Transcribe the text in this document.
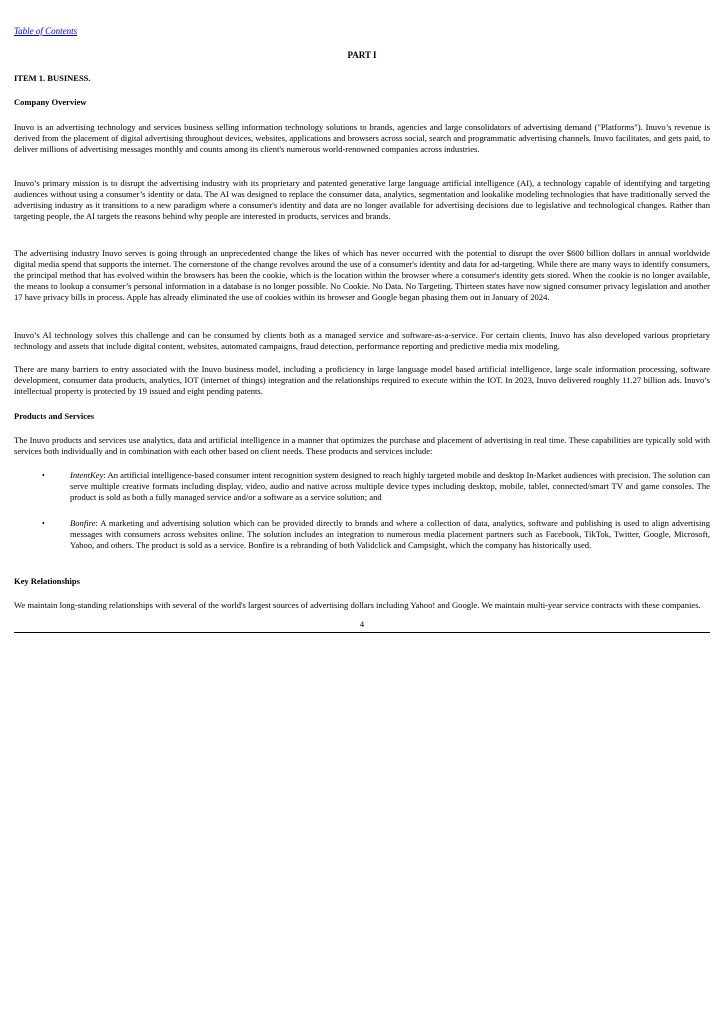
Table of Contents
PART I
ITEM 1. BUSINESS.
Company Overview

Inuvo is an advertising technology and services business selling information technology solutions to brands, agencies and large consolidators of advertising demand ("Platforms"). Inuvo’s revenue is derived from the placement of digital advertising throughout devices, websites, applications and browsers across social, search and programmatic advertising channels. Inuvo facilitates, and gets paid, to deliver millions of advertising messages monthly and counts among its client's numerous world-renowned companies across industries.

Inuvo’s primary mission is to disrupt the advertising industry with its proprietary and patented generative large language artificial intelligence (AI), a technology capable of identifying and targeting audiences without using a consumer’s identity or data. The AI was designed to replace the consumer data, analytics, segmentation and lookalike modeling technologies that have traditionally served the advertising industry as it transitions to a new paradigm where a consumer's identity and data are no longer available for advertising decisions due to legislative and technological changes. Rather than targeting people, the AI targets the reasons behind why people are interested in products, services and brands.

The advertising industry Inuvo serves is going through an unprecedented change the likes of which has never occurred with the potential to disrupt the over $600 billion dollars in annual worldwide digital media spend that supports the internet. The cornerstone of the change revolves around the use of a consumer's identity and data for ad-targeting. While there are many ways to identify consumers, the principal method that has evolved within the browsers has been the cookie, which is the location within the browser where a consumer's identity gets stored. When the cookie is no longer available, the means to lookup a consumer’s personal information in a database is no longer possible. No Cookie. No Data. No Targeting. Thirteen states have now signed consumer privacy legislation and another 17 have privacy bills in process. Apple has already eliminated the use of cookies within its browser and Google began phasing them out in January of 2024.

Inuvo’s AI technology solves this challenge and can be consumed by clients both as a managed service and software-as-a-service. For certain clients, Inuvo has also developed various proprietary technology and assets that include digital content, websites, automated campaigns, fraud detection, performance reporting and predictive media mix modeling.

There are many barriers to entry associated with the Inuvo business model, including a proficiency in large language model based artificial intelligence, large scale information processing, software development, consumer data products, analytics, IOT (internet of things) integration and the relationships required to execute within the IOT. In 2023, Inuvo delivered roughly 11.27 billion ads. Inuvo’s intellectual property is protected by 19 issued and eight pending patents.

Products and Services

The Inuvo products and services use analytics, data and artificial intelligence in a manner that optimizes the purchase and placement of advertising in real time. These capabilities are typically sold with services both individually and in combination with each other based on client needs. These products and services include:

•	IntentKey: An artificial intelligence-based consumer intent recognition system designed to reach highly targeted mobile and desktop In-Market audiences with precision. The solution can serve multiple creative formats including display, video, audio and native across multiple device types including desktop, mobile, tablet, connected/smart TV and game consoles. The product is sold as both a fully managed service and/or a software as a service solution; and

•	Bonfire: A marketing and advertising solution which can be provided directly to brands and where a collection of data, analytics, software and publishing is used to align advertising messages with consumers across websites online. The solution includes an integration to numerous media placement partners such as Facebook, TikTok, Twitter, Google, Microsoft, Yahoo, and others. The product is sold as a service. Bonfire is a rebranding of both Validclick and Campsight, which the company has historically used.

Key Relationships

We maintain long-standing relationships with several of the world's largest sources of advertising dollars including Yahoo! and Google. We maintain multi-year service contracts with these companies.

4
